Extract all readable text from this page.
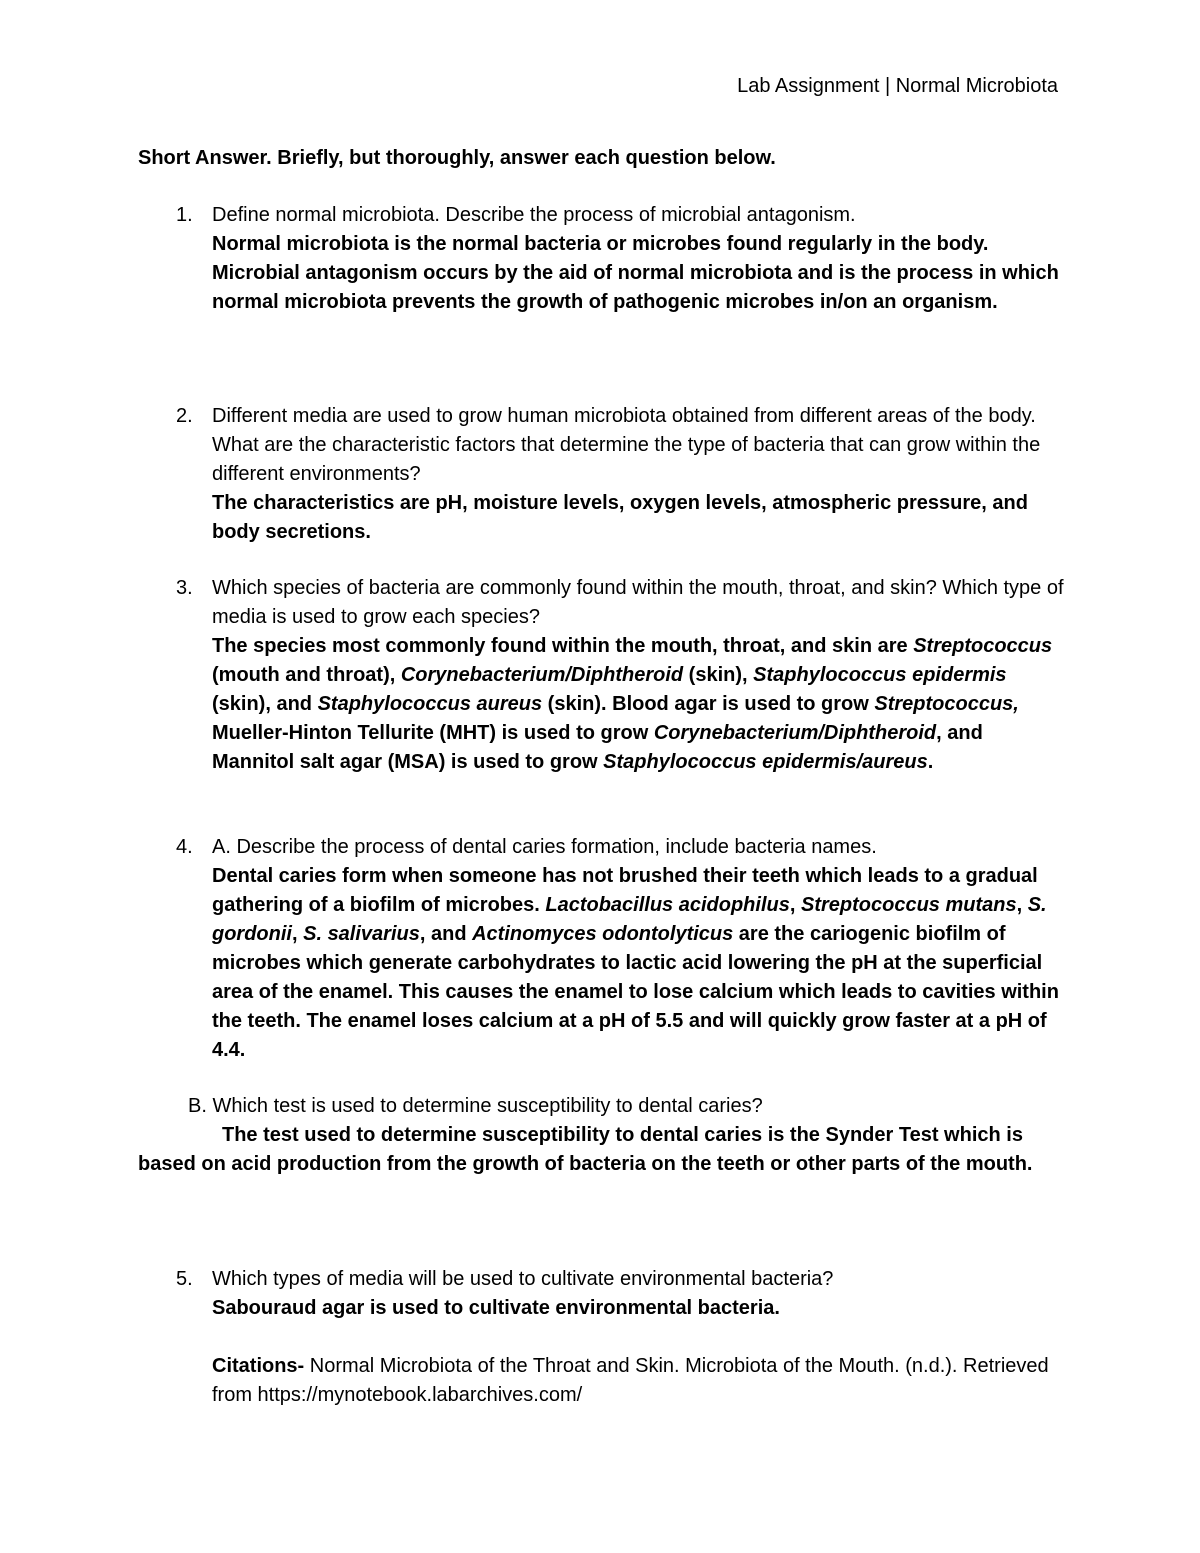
Lab Assignment | Normal Microbiota
Short Answer. Briefly, but thoroughly, answer each question below.
1. Define normal microbiota. Describe the process of microbial antagonism.
Normal microbiota is the normal bacteria or microbes found regularly in the body. Microbial antagonism occurs by the aid of normal microbiota and is the process in which normal microbiota prevents the growth of pathogenic microbes in/on an organism.
2. Different media are used to grow human microbiota obtained from different areas of the body. What are the characteristic factors that determine the type of bacteria that can grow within the different environments?
The characteristics are pH, moisture levels, oxygen levels, atmospheric pressure, and body secretions.
3. Which species of bacteria are commonly found within the mouth, throat, and skin? Which type of media is used to grow each species?
The species most commonly found within the mouth, throat, and skin are Streptococcus (mouth and throat), Corynebacterium/Diphtheroid (skin), Staphylococcus epidermis (skin), and Staphylococcus aureus (skin). Blood agar is used to grow Streptococcus, Mueller-Hinton Tellurite (MHT) is used to grow Corynebacterium/Diphtheroid, and Mannitol salt agar (MSA) is used to grow Staphylococcus epidermis/aureus.
4. A. Describe the process of dental caries formation, include bacteria names.
Dental caries form when someone has not brushed their teeth which leads to a gradual gathering of a biofilm of microbes. Lactobacillus acidophilus, Streptococcus mutans, S. gordonii, S. salivarius, and Actinomyces odontolyticus are the cariogenic biofilm of microbes which generate carbohydrates to lactic acid lowering the pH at the superficial area of the enamel. This causes the enamel to lose calcium which leads to cavities within the teeth. The enamel loses calcium at a pH of 5.5 and will quickly grow faster at a pH of 4.4.
B. Which test is used to determine susceptibility to dental caries?
The test used to determine susceptibility to dental caries is the Synder Test which is based on acid production from the growth of bacteria on the teeth or other parts of the mouth.
5. Which types of media will be used to cultivate environmental bacteria?
Sabouraud agar is used to cultivate environmental bacteria.
Citations- Normal Microbiota of the Throat and Skin. Microbiota of the Mouth. (n.d.). Retrieved from https://mynotebook.labarchives.com/
